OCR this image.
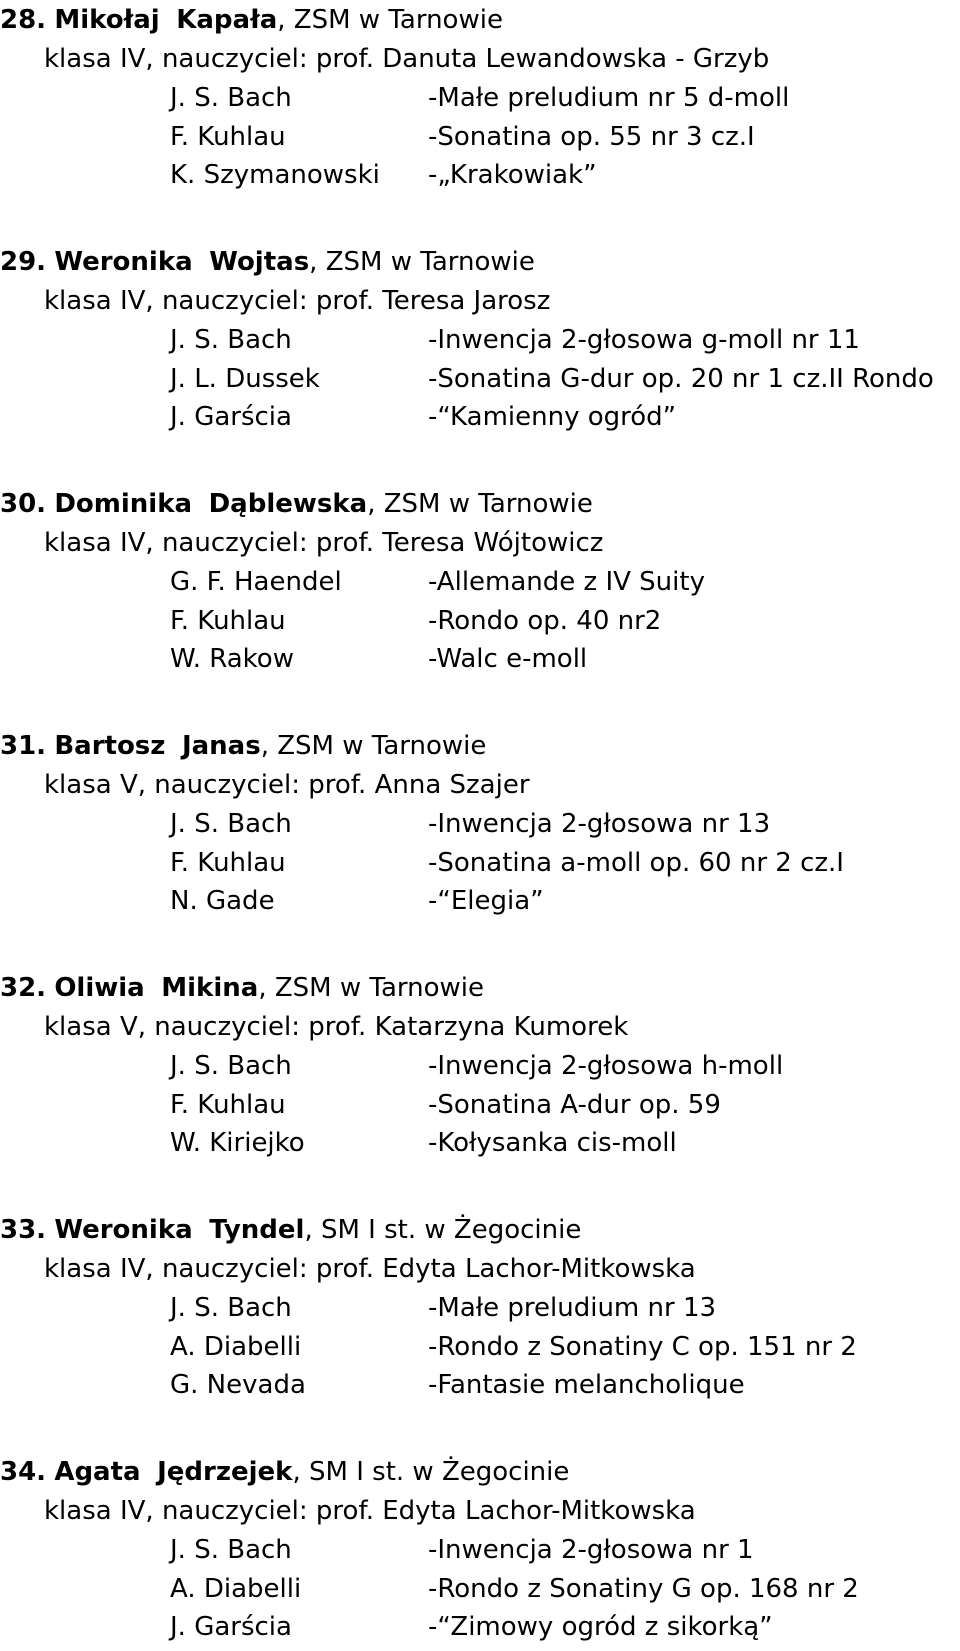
28. Mikołaj Kapała, ZSM w Tarnowie
klasa IV, nauczyciel: prof. Danuta Lewandowska - Grzyb
J. S. Bach	-Małe preludium nr 5 d-moll
F. Kuhlau	-Sonatina op. 55 nr 3 cz.I
K. Szymanowski -„Krakowiak”
29. Weronika Wojtas, ZSM w Tarnowie
klasa IV, nauczyciel: prof. Teresa Jarosz
J. S. Bach	-Inwencja 2-głosowa g-moll nr 11
J. L. Dussek	-Sonatina G-dur op. 20 nr 1 cz.II Rondo
J. Garścia	-“Kamienny ogród”
30. Dominika Dąblewska, ZSM w Tarnowie
klasa IV, nauczyciel: prof. Teresa Wójtowicz
G. F. Haendel	-Allemande z IV Suity
F. Kuhlau	-Rondo op. 40 nr2
W. Rakow	-Walc e-moll
31. Bartosz Janas, ZSM w Tarnowie
klasa V, nauczyciel: prof. Anna Szajer
J. S. Bach	-Inwencja 2-głosowa nr 13
F. Kuhlau	-Sonatina a-moll op. 60 nr 2 cz.I
N. Gade	-“Elegia”
32. Oliwia Mikina, ZSM w Tarnowie
klasa V, nauczyciel: prof. Katarzyna Kumorek
J. S. Bach	-Inwencja 2-głosowa h-moll
F. Kuhlau	-Sonatina A-dur op. 59
W. Kiriejko	-Kołysanka cis-moll
33. Weronika Tyndel, SM I st. w Żegocinie
klasa IV, nauczyciel: prof. Edyta Lachor-Mitkowska
J. S. Bach	-Małe preludium nr 13
A. Diabelli	-Rondo z Sonatiny C op. 151 nr 2
G. Nevada	-Fantasie melancholique
34. Agata Jędrzejek, SM I st. w Żegocinie
klasa IV, nauczyciel: prof. Edyta Lachor-Mitkowska
J. S. Bach	-Inwencja 2-głosowa nr 1
A. Diabelli	-Rondo z Sonatiny G op. 168 nr 2
J. Garścia	-“Zimowy ogród z sikorką”
